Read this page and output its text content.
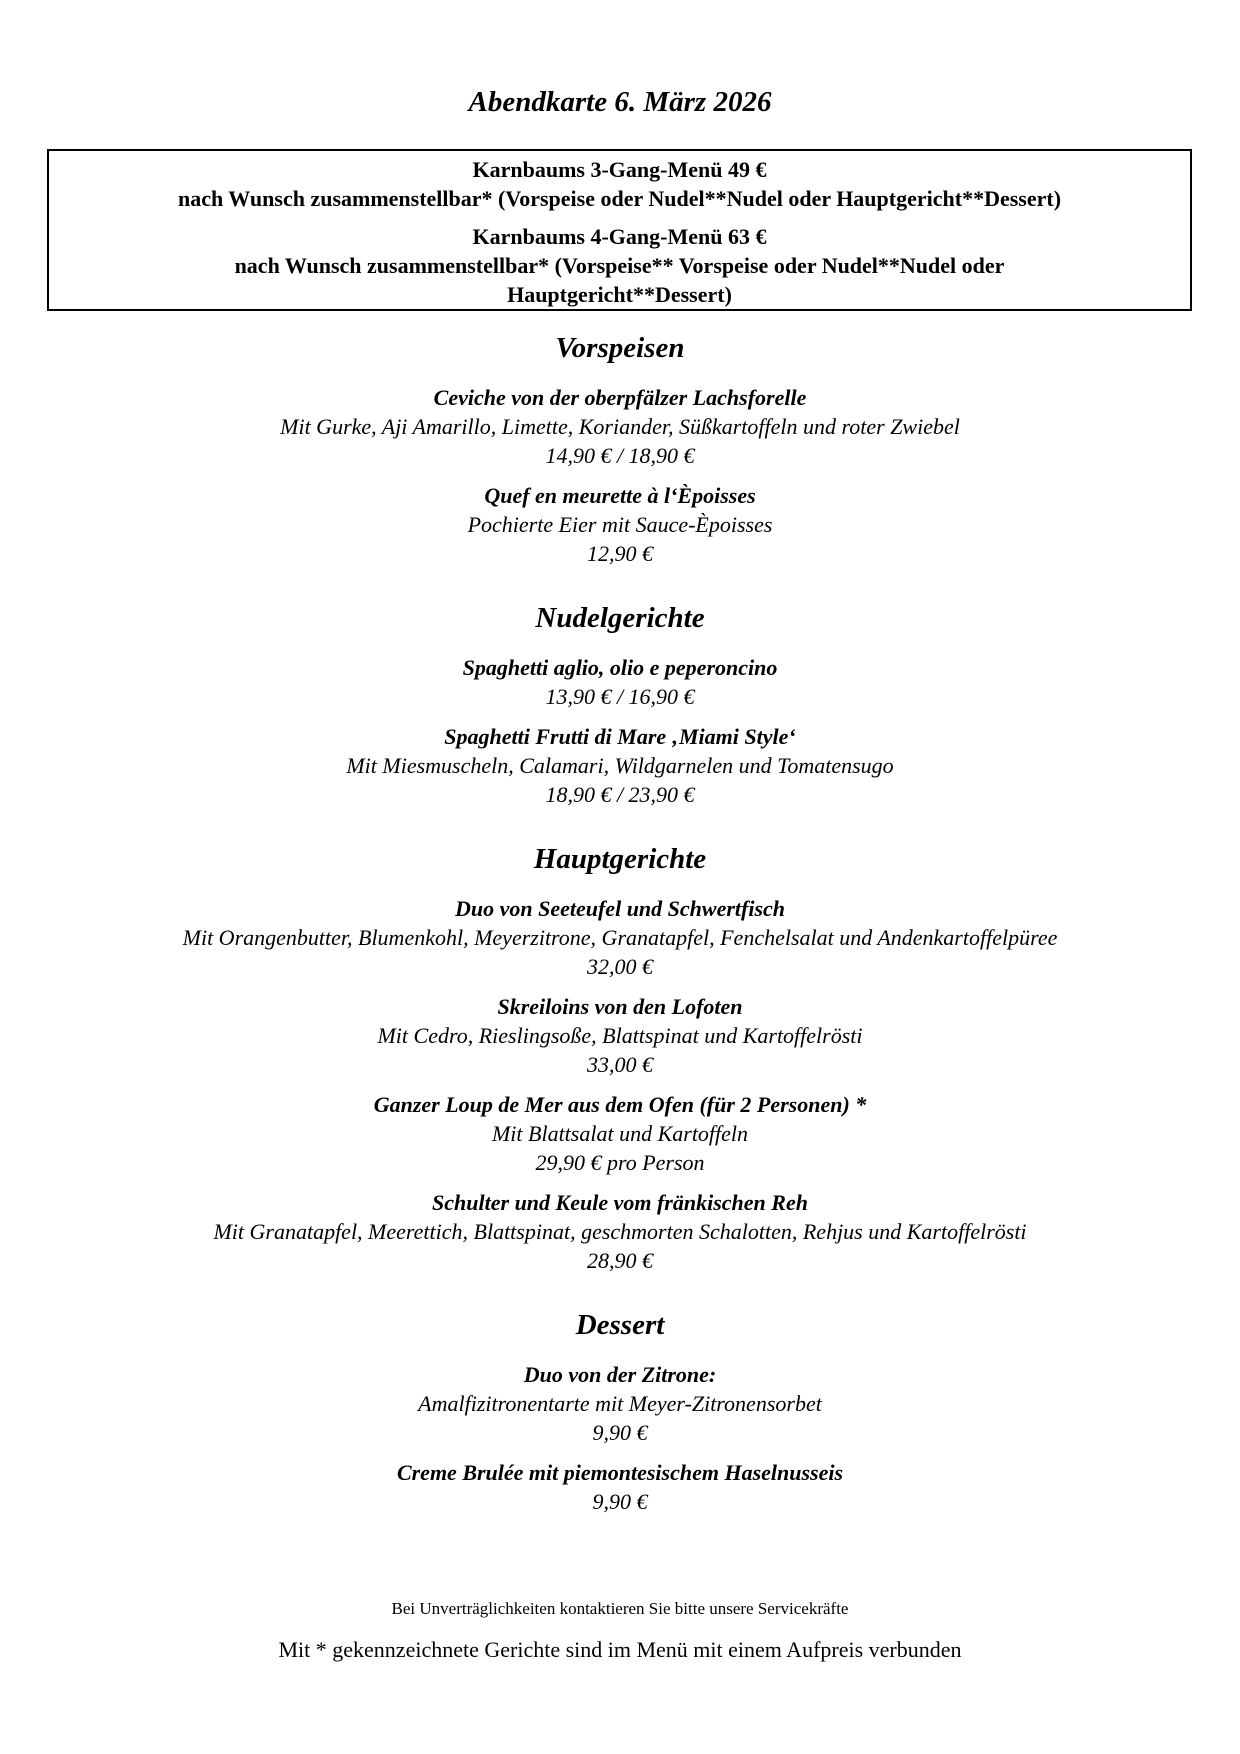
Abendkarte 6. März 2026
Karnbaums 3-Gang-Menü 49 €
nach Wunsch zusammenstellbar* (Vorspeise oder Nudel**Nudel oder Hauptgericht**Dessert)
Karnbaums 4-Gang-Menü 63 €
nach Wunsch zusammenstellbar* (Vorspeise** Vorspeise oder Nudel**Nudel oder Hauptgericht**Dessert)
Vorspeisen
Ceviche von der oberpfälzer Lachsforelle
Mit Gurke, Aji Amarillo, Limette, Koriander, Süßkartoffeln und roter Zwiebel
14,90 € / 18,90 €
Quef en meurette à l‘Èpoisses
Pochierte Eier mit Sauce-Èpoisses
12,90 €
Nudelgerichte
Spaghetti aglio, olio e peperoncino
13,90 € / 16,90 €
Spaghetti Frutti di Mare ‚Miami Style‘
Mit Miesmuscheln, Calamari, Wildgarnelen und Tomatensugo
18,90 € / 23,90 €
Hauptgerichte
Duo von Seeteufel und Schwertfisch
Mit Orangenbutter, Blumenkohl, Meyerzitrone, Granatapfel, Fenchelsalat und Andenkartoffelpüree
32,00 €
Skreiloins von den Lofoten
Mit Cedro, Rieslingsoße, Blattspinat und Kartoffelrösti
33,00 €
Ganzer Loup de Mer aus dem Ofen (für 2 Personen) *
Mit Blattsalat und Kartoffeln
29,90 € pro Person
Schulter und Keule vom fränkischen Reh
Mit Granatapfel, Meerettich, Blattspinat, geschmorten Schalotten, Rehjus und Kartoffelrösti
28,90 €
Dessert
Duo von der Zitrone:
Amalfizitronentarte mit Meyer-Zitronensorbet
9,90 €
Creme Brulée mit piemontesischem Haselnusseis
9,90 €
Bei Unverträglichkeiten kontaktieren Sie bitte unsere Servicekräfte
Mit * gekennzeichnete Gerichte sind im Menü mit einem Aufpreis verbunden
